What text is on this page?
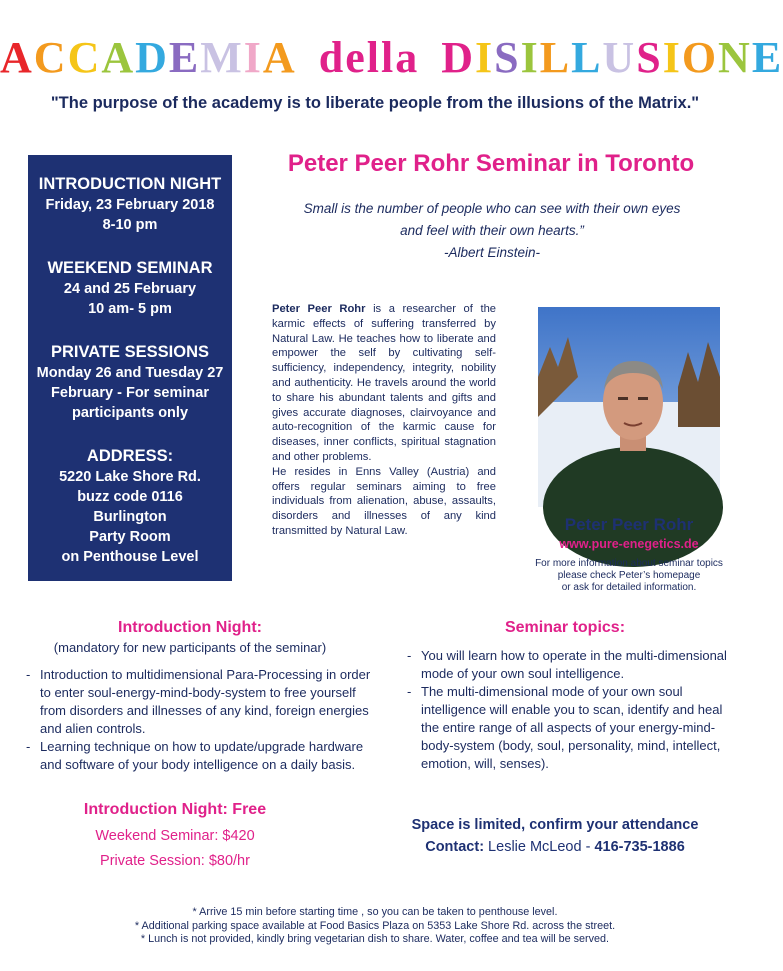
ACCADEMIA della DISILLUSIONE
"The purpose of the academy is to liberate people from the illusions of the Matrix."
INTRODUCTION NIGHT
Friday, 23 February 2018
8-10 pm
WEEKEND SEMINAR
24 and 25 February
10 am- 5 pm
PRIVATE SESSIONS
Monday 26 and Tuesday 27
February - For seminar
participants only
ADDRESS:
5220 Lake Shore Rd.
buzz code 0116
Burlington
Party Room
on Penthouse Level
Peter Peer Rohr Seminar in Toronto
Small is the number of people who can see with their own eyes
and feel with their own hearts.”
-Albert Einstein-
Peter Peer Rohr is a researcher of the karmic effects of suffering transferred by Natural Law. He teaches how to liberate and empower the self by cultivating self-sufficiency, independency, integrity, nobility and authenticity. He travels around the world to share his abundant talents and gifts and gives accurate diagnoses, clairvoyance and auto-recognition of the karmic cause for diseases, inner conflicts, spiritual stagnation and other problems.
He resides in Enns Valley (Austria) and offers regular seminars aiming to free individuals from alienation, abuse, assaults, disorders and illnesses of any kind transmitted by Natural Law.	Peter Peer Rohr
www.pure-enegetics.de
For more information about seminar topics
please check Peter’s homepage
or ask for detailed information.
Introduction Night:
(mandatory for new participants of the seminar)
- Introduction to multidimensional Para-Processing in order to enter soul-energy-mind-body-system to free yourself from disorders and illnesses of any kind, foreign energies and alien controls.
- Learning technique on how to update/upgrade hardware and software of your body intelligence on a daily basis.
Seminar topics:
- You will learn how to operate in the multi-dimensional mode of your own soul intelligence.
- The multi-dimensional mode of your own soul intelligence will enable you to scan, identify and heal the entire range of all aspects of your energy-mind-body-system (body, soul, personality, mind, intellect, emotion, will, senses).
Introduction Night: Free
Weekend Seminar: $420
Private Session: $80/hr
Space is limited, confirm your attendance
Contact: Leslie McLeod - 416-735-1886
* Arrive 15 min before starting time , so you can be taken to penthouse level.
* Additional parking space available at Food Basics Plaza on 5353 Lake Shore Rd. across the street.
* Lunch is not provided, kindly bring vegetarian dish to share. Water, coffee and tea will be served.
